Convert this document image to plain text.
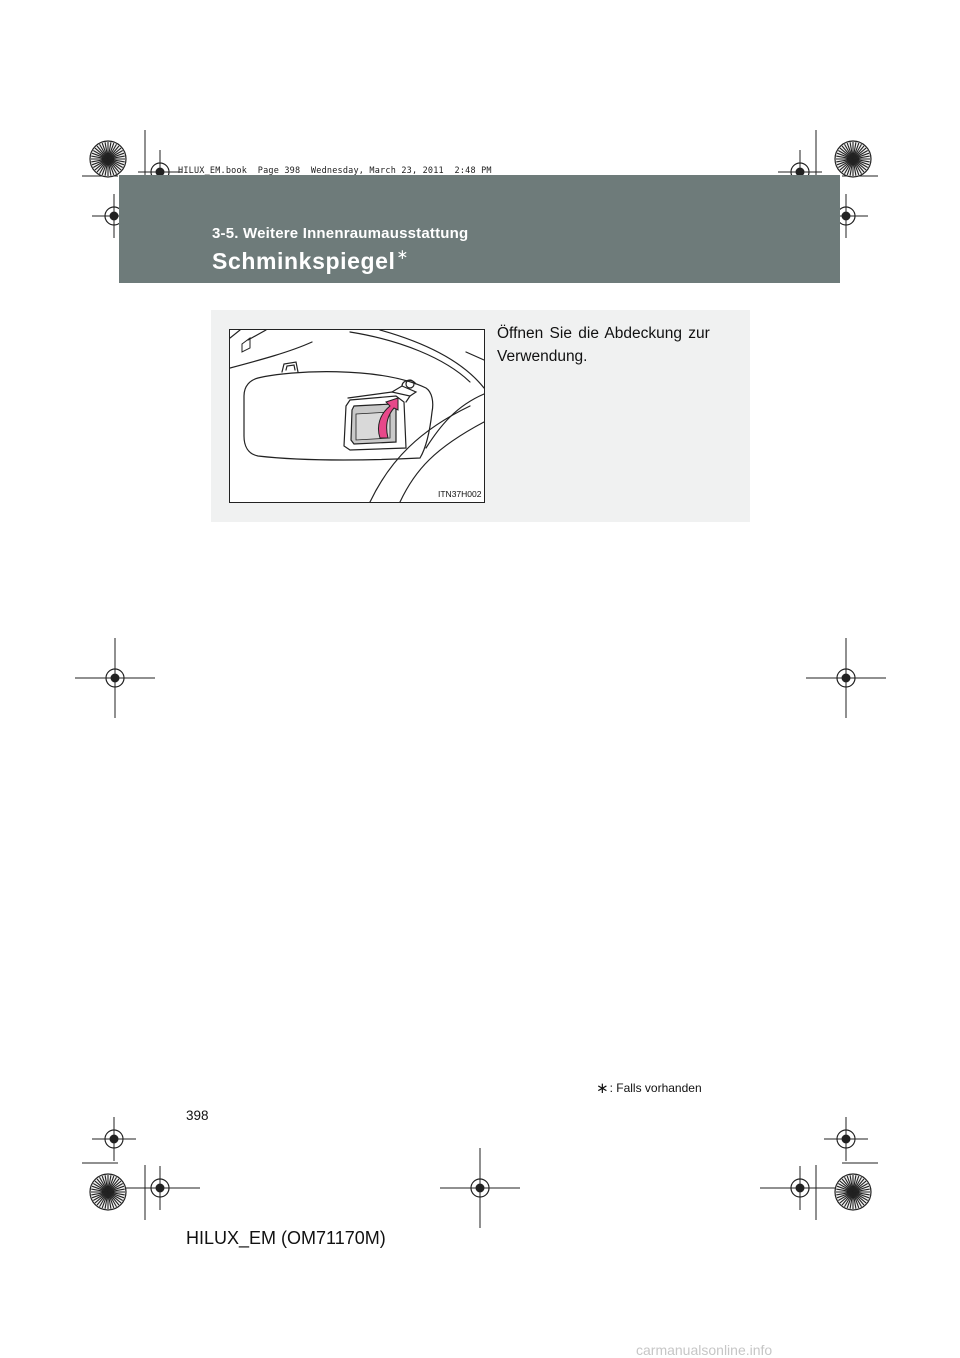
3-5. Weitere Innenraumausstattung
Schminkspiegel∗
HILUX_EM.book  Page 398  Wednesday, March 23, 2011  2:48 PM
ITN37H002
Öffnen Sie die Abdeckung zur Verwendung.
∗: Falls vorhanden
398
HILUX_EM (OM71170M)
carmanualsonline.info
